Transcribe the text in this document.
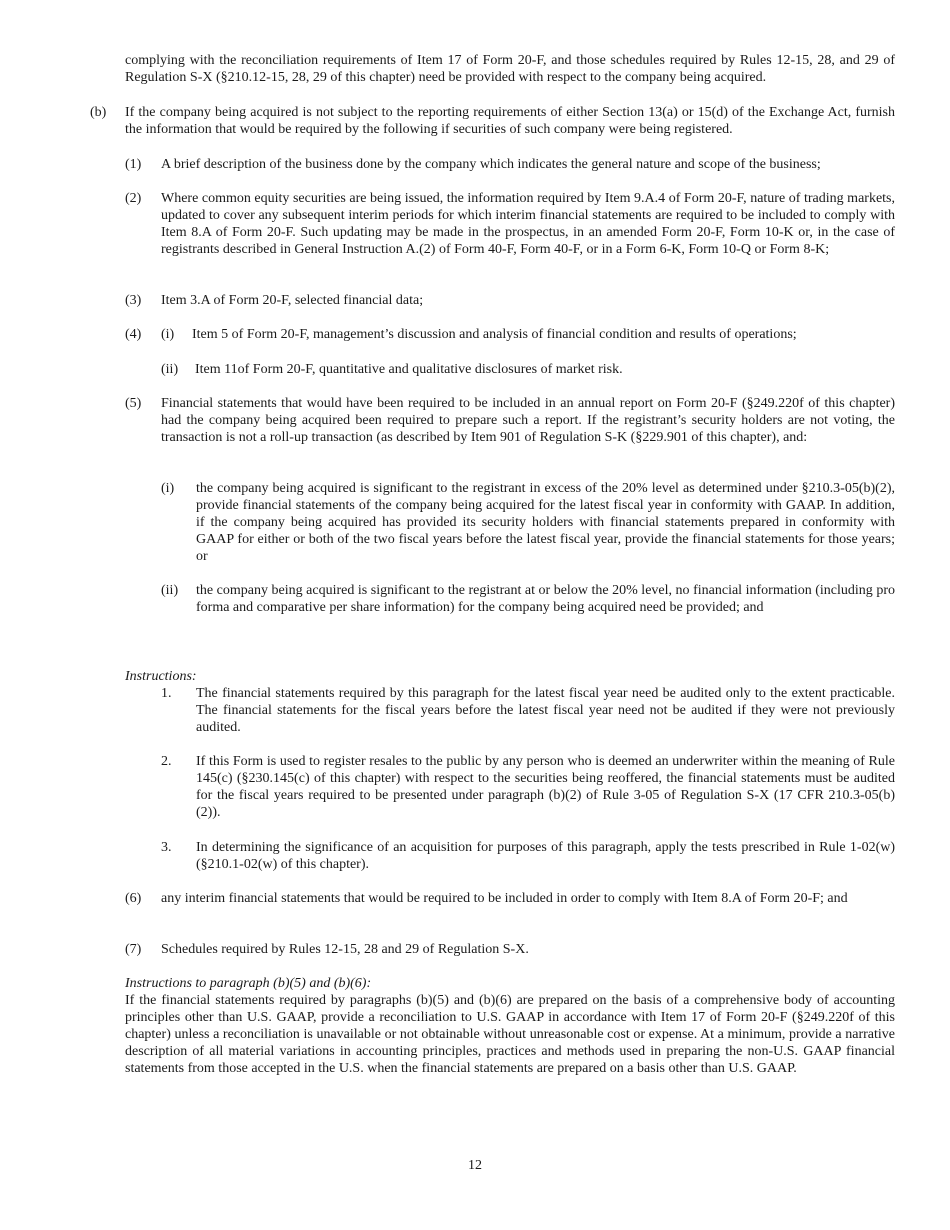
complying with the reconciliation requirements of Item 17 of Form 20-F, and those schedules required by Rules 12-15, 28, and 29 of Regulation S-X (§210.12-15, 28, 29 of this chapter) need be provided with respect to the company being acquired.
(b) If the company being acquired is not subject to the reporting requirements of either Section 13(a) or 15(d) of the Exchange Act, furnish the information that would be required by the following if securities of such company were being registered.
(1) A brief description of the business done by the company which indicates the general nature and scope of the business;
(2) Where common equity securities are being issued, the information required by Item 9.A.4 of Form 20-F, nature of trading markets, updated to cover any subsequent interim periods for which interim financial statements are required to be included to comply with Item 8.A of Form 20-F. Such updating may be made in the prospectus, in an amended Form 20-F, Form 10-K or, in the case of registrants described in General Instruction A.(2) of Form 40-F, Form 40-F, or in a Form 6-K, Form 10-Q or Form 8-K;
(3) Item 3.A of Form 20-F, selected financial data;
(4) (i) Item 5 of Form 20-F, management’s discussion and analysis of financial condition and results of operations;
(ii) Item 11of Form 20-F, quantitative and qualitative disclosures of market risk.
(5) Financial statements that would have been required to be included in an annual report on Form 20-F (§249.220f of this chapter) had the company being acquired been required to prepare such a report. If the registrant’s security holders are not voting, the transaction is not a roll-up transaction (as described by Item 901 of Regulation S-K (§229.901 of this chapter), and:
(i) the company being acquired is significant to the registrant in excess of the 20% level as determined under §210.3-05(b)(2), provide financial statements of the company being acquired for the latest fiscal year in conformity with GAAP. In addition, if the company being acquired has provided its security holders with financial statements prepared in conformity with GAAP for either or both of the two fiscal years before the latest fiscal year, provide the financial statements for those years; or
(ii) the company being acquired is significant to the registrant at or below the 20% level, no financial information (including pro forma and comparative per share information) for the company being acquired need be provided; and
Instructions:
1. The financial statements required by this paragraph for the latest fiscal year need be audited only to the extent practicable. The financial statements for the fiscal years before the latest fiscal year need not be audited if they were not previously audited.
2. If this Form is used to register resales to the public by any person who is deemed an underwriter within the meaning of Rule 145(c) (§230.145(c) of this chapter) with respect to the securities being reoffered, the financial statements must be audited for the fiscal years required to be presented under paragraph (b)(2) of Rule 3-05 of Regulation S-X (17 CFR 210.3-05(b)(2)).
3. In determining the significance of an acquisition for purposes of this paragraph, apply the tests prescribed in Rule 1-02(w) (§210.1-02(w) of this chapter).
(6) any interim financial statements that would be required to be included in order to comply with Item 8.A of Form 20-F; and
(7) Schedules required by Rules 12-15, 28 and 29 of Regulation S-X.
Instructions to paragraph (b)(5) and (b)(6):
If the financial statements required by paragraphs (b)(5) and (b)(6) are prepared on the basis of a comprehensive body of accounting principles other than U.S. GAAP, provide a reconciliation to U.S. GAAP in accordance with Item 17 of Form 20-F (§249.220f of this chapter) unless a reconciliation is unavailable or not obtainable without unreasonable cost or expense. At a minimum, provide a narrative description of all material variations in accounting principles, practices and methods used in preparing the non-U.S. GAAP financial statements from those accepted in the U.S. when the financial statements are prepared on a basis other than U.S. GAAP.
12
